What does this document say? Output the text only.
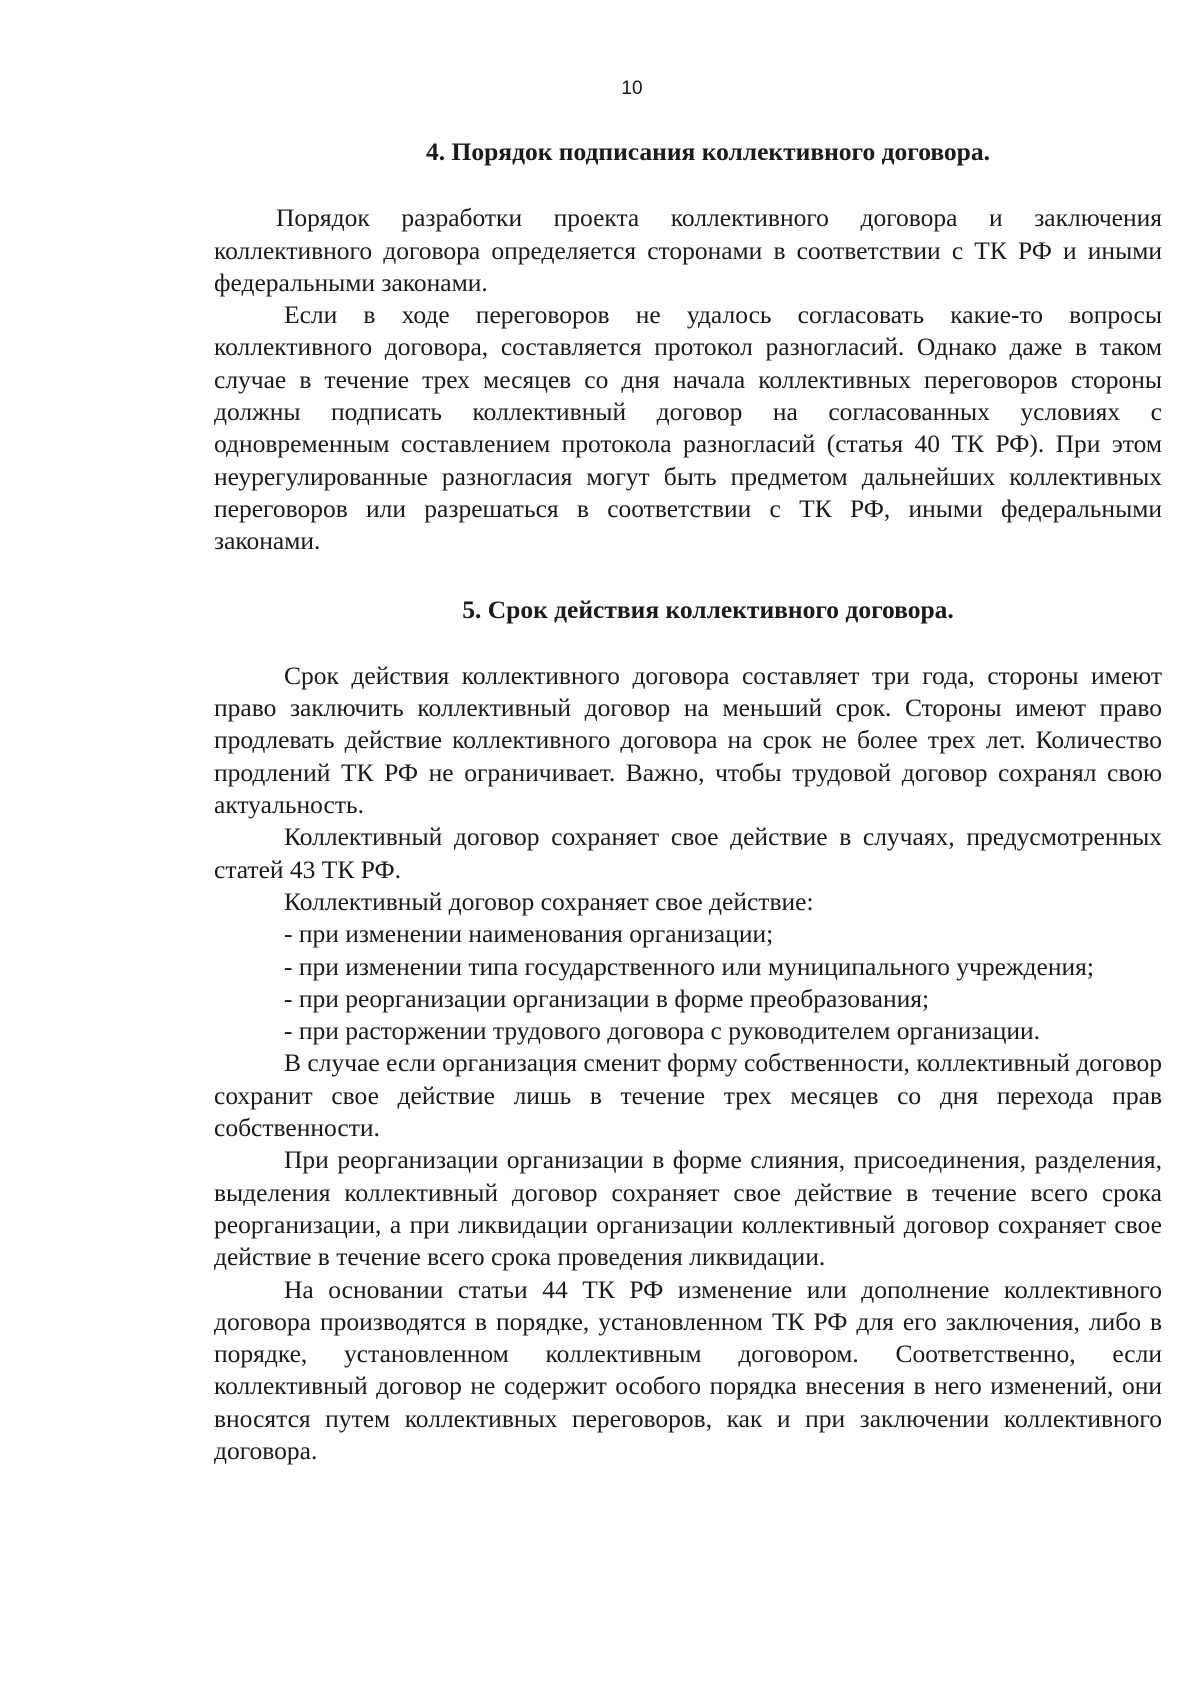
10

4. Порядок подписания коллективного договора.

Порядок разработки проекта коллективного договора и заключения коллективного договора определяется сторонами в соответствии с ТК РФ и иными федеральными законами.

Если в ходе переговоров не удалось согласовать какие-то вопросы коллективного договора, составляется протокол разногласий. Однако даже в таком случае в течение трех месяцев со дня начала коллективных переговоров стороны должны подписать коллективный договор на согласованных условиях с одновременным составлением протокола разногласий (статья 40 ТК РФ). При этом неурегулированные разногласия могут быть предметом дальнейших коллективных переговоров или разрешаться в соответствии с ТК РФ, иными федеральными законами.

5. Срок действия коллективного договора.

Срок действия коллективного договора составляет три года, стороны имеют право заключить коллективный договор на меньший срок. Стороны имеют право продлевать действие коллективного договора на срок не более трех лет. Количество продлений ТК РФ не ограничивает. Важно, чтобы трудовой договор сохранял свою актуальность.

Коллективный договор сохраняет свое действие в случаях, предусмотренных статей 43 ТК РФ.

Коллективный договор сохраняет свое действие:

- при изменении наименования организации;

- при изменении типа государственного или муниципального учреждения;

- при реорганизации организации в форме преобразования;

- при расторжении трудового договора с руководителем организации.

В случае если организация сменит форму собственности, коллективный договор сохранит свое действие лишь в течение трех месяцев со дня перехода прав собственности.

При реорганизации организации в форме слияния, присоединения, разделения, выделения коллективный договор сохраняет свое действие в течение всего срока реорганизации, а при ликвидации организации коллективный договор сохраняет свое действие в течение всего срока проведения ликвидации.

На основании статьи 44 ТК РФ изменение или дополнение коллективного договора производятся в порядке, установленном ТК РФ для его заключения, либо в порядке, установленном коллективным договором. Соответственно, если коллективный договор не содержит особого порядка внесения в него изменений, они вносятся путем коллективных переговоров, как и при заключении коллективного договора.
